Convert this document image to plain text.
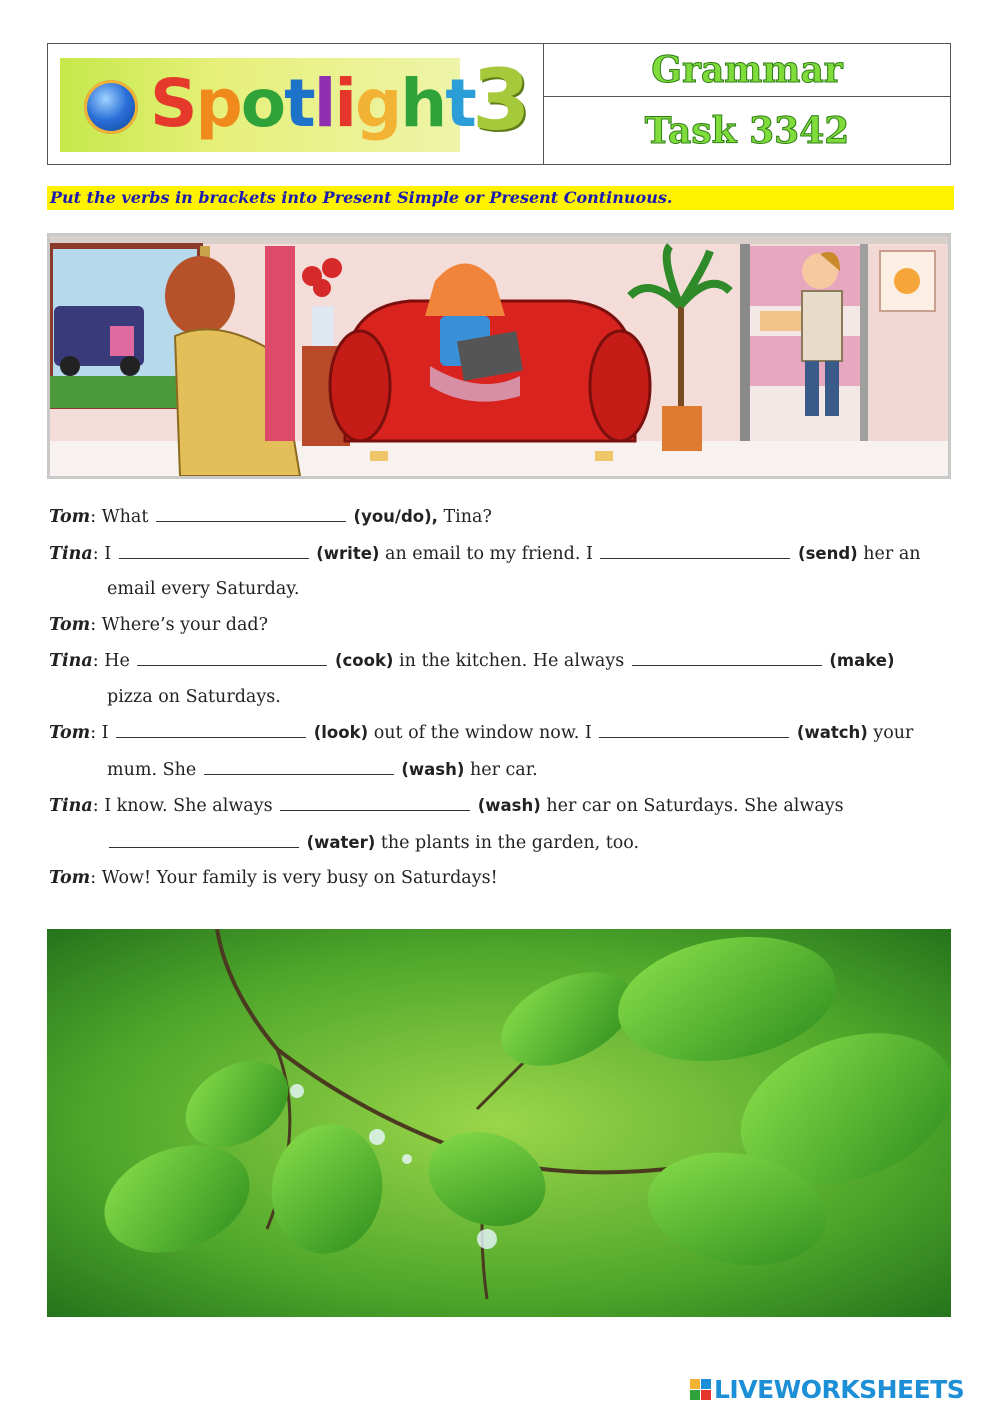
Spotlight
3	Grammar
Task 3342
Put the verbs in brackets into Present Simple or Present Continuous.
Tom: What	(you/do), Tina?
Tina: I	(write) an email to my friend. I	(send) her an
email every Saturday.
Tom: Where’s your dad?
Tina: He	(cook) in the kitchen. He always	(make)
pizza on Saturdays.
Tom: I	(look) out of the window now. I	(watch) your
mum. She	(wash) her car.
Tina: I know. She always	(wash) her car on Saturdays. She always
(water) the plants in the garden, too.
Tom: Wow! Your family is very busy on Saturdays!
LIVEWORKSHEETS
